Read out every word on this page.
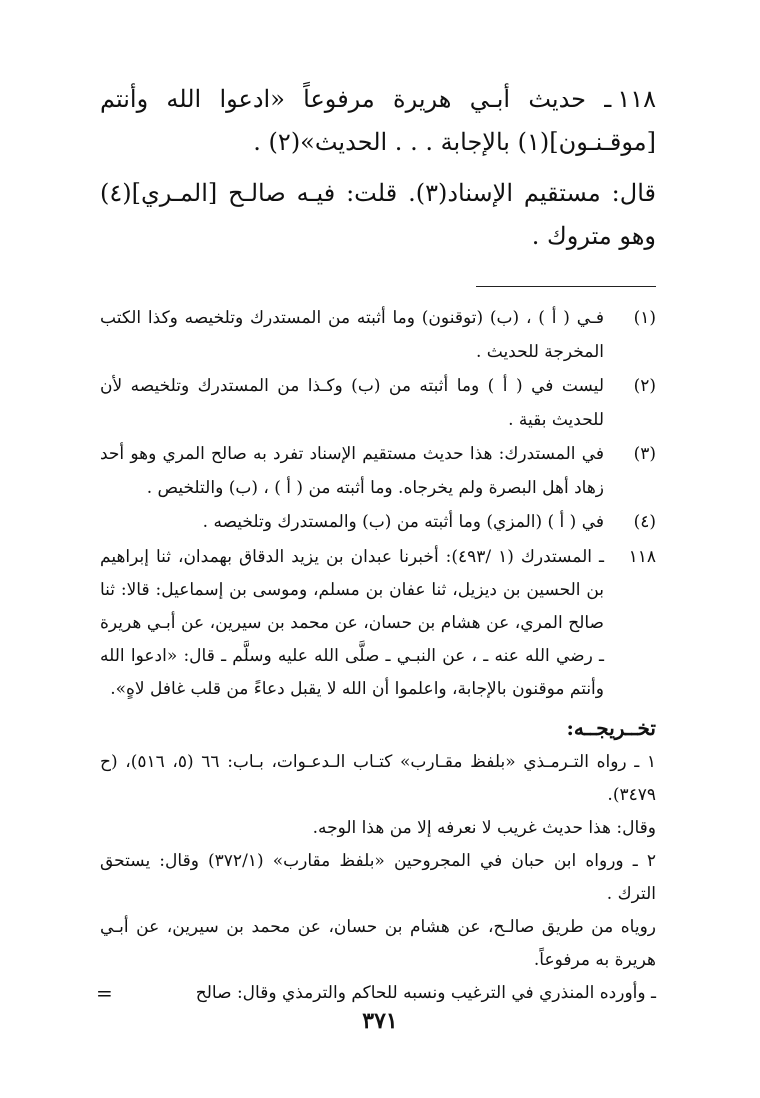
١١٨ـ حديث أبـي هريرة مرفوعاً «ادعوا الله وأنتم [موقـنـون](١) بالإجابة . . . الحديث»(٢) .
قال: مستقيم الإسناد(٣). قلت: فيـه صالـح [المـري](٤) وهو متروك .
(١)
فـي ( أ ) ، (ب) (توقنون) وما أثبته من المستدرك وتلخيصه وكذا الكتب المخرجة للحديث .
(٢)
ليست في ( أ ) وما أثبته من (ب) وكـذا من المستدرك وتلخيصه لأن للحديث بقية .
(٣)
في المستدرك: هذا حديث مستقيم الإسناد تفرد به صالح المري وهو أحد زهاد أهل البصرة ولم يخرجاه. وما أثبته من ( أ ) ، (ب) والتلخيص .
(٤)
في ( أ ) (المزي) وما أثبته من (ب) والمستدرك وتلخيصه .
١١٨
ـ المستدرك (١ /٤٩٣): أخبرنا عبدان بن يزيد الدقاق بهمدان، ثنا إبراهيم بن الحسين بن ديزيل، ثنا عفان بن مسلم، وموسى بن إسماعيل: قالا: ثنا صالح المري، عن هشام بن حسان، عن محمد بن سيرين، عن أبـي هريرة ـ رضي الله عنه ـ ، عن النبـي ـ صلَّى الله عليه وسلَّم ـ قال: «ادعوا الله وأنتم موقنون بالإجابة، واعلموا أن الله لا يقبل دعاءً من قلب غافل لاهٍ».
تخــريجــه:
١ ـ رواه التـرمـذي «بلفظ مقـارب» كتـاب الـدعـوات، بـاب: ٦٦ (٥، ٥١٦)، (ح ٣٤٧٩).
وقال: هذا حديث غريب لا نعرفه إلا من هذا الوجه.
٢ ـ ورواه ابن حبان في المجروحين «بلفظ مقارب» (٣٧٢/١) وقال: يستحق الترك .
روياه من طريق صالـح، عن هشام بن حسان، عن محمد بن سيرين، عن أبـي هريرة به مرفوعاً.
ـ وأورده المنذري في الترغيب ونسبه للحاكم والترمذي وقال: صالح
=
٣٧١
